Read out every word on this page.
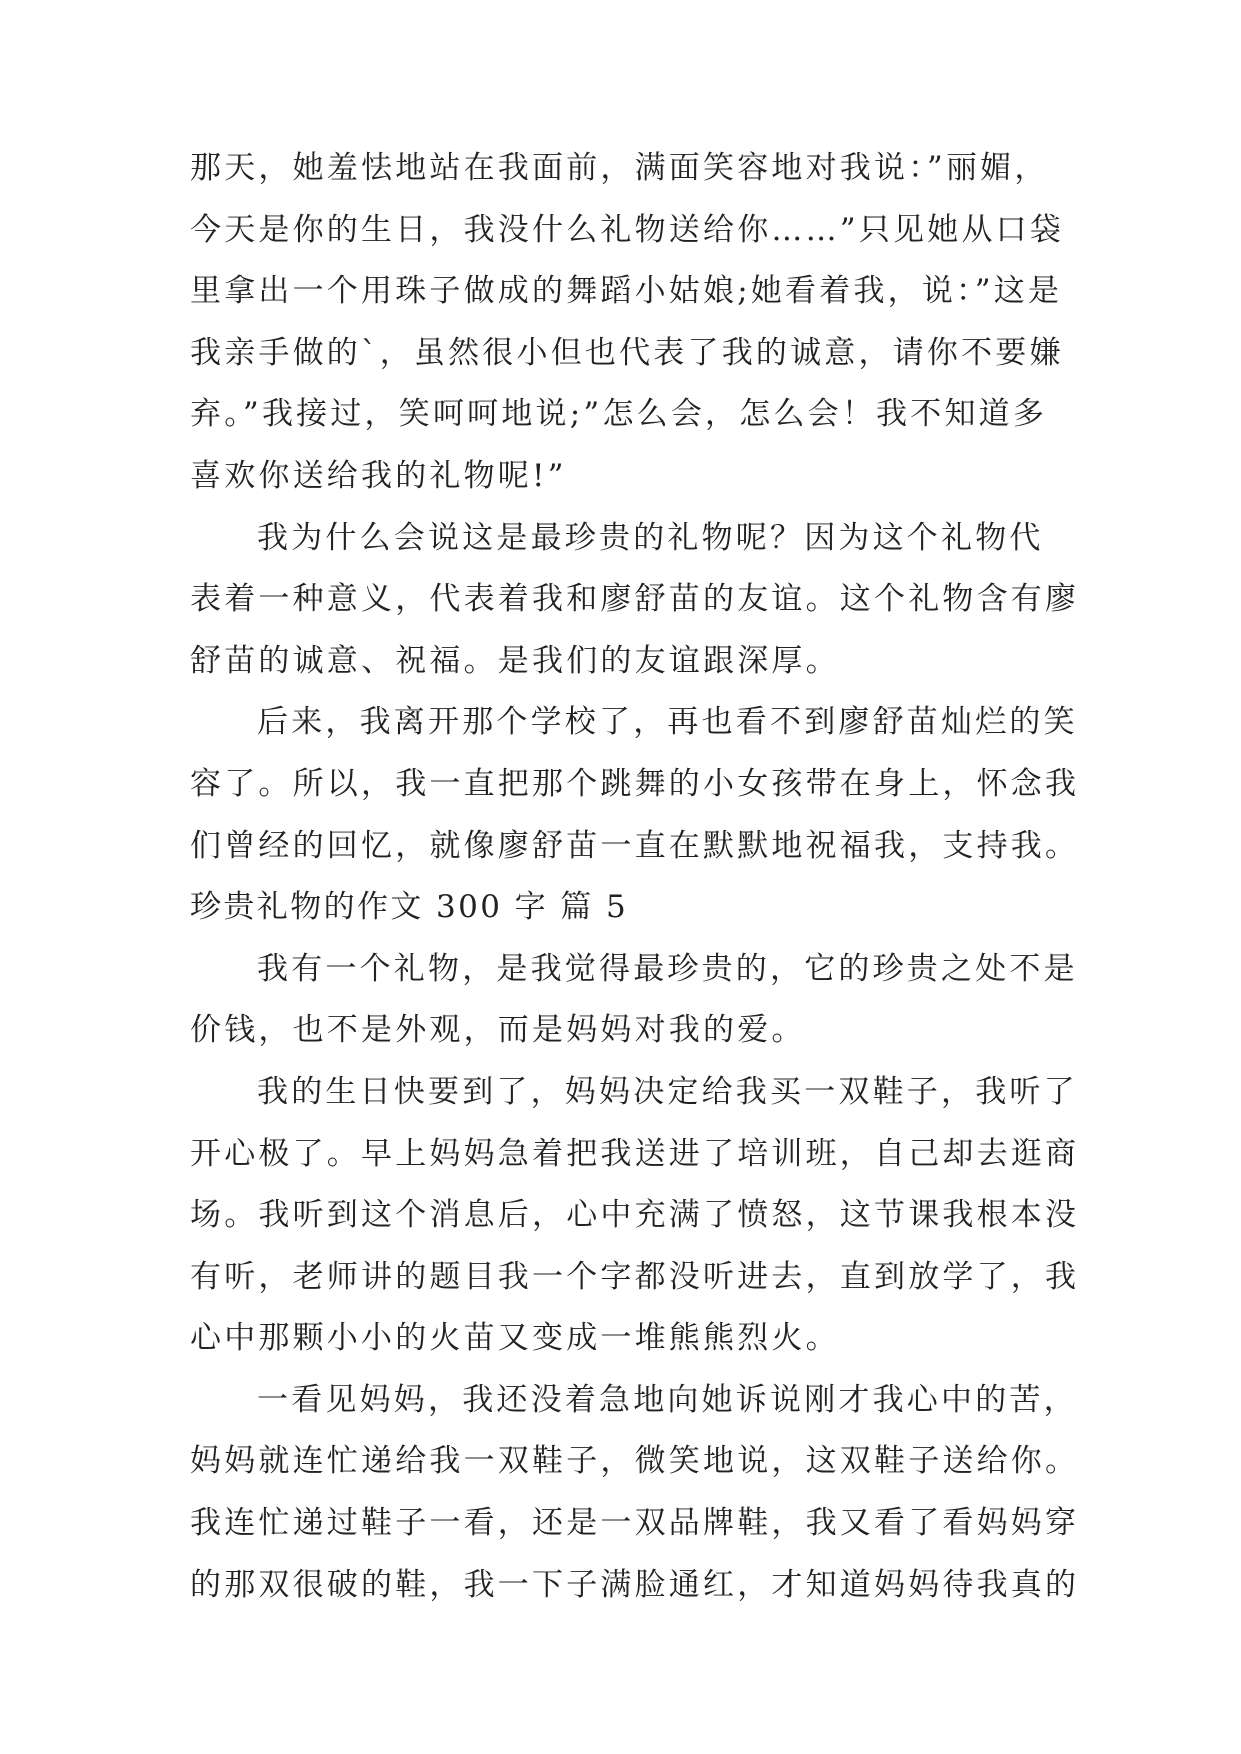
那天，她羞怯地站在我面前，满面笑容地对我说：”丽媚，
今天是你的生日，我没什么礼物送给你……”只见她从口袋
里拿出一个用珠子做成的舞蹈小姑娘;她看着我，说：”这是
我亲手做的`，虽然很小但也代表了我的诚意，请你不要嫌
弃。”我接过，笑呵呵地说;”怎么会，怎么会！我不知道多
喜欢你送给我的礼物呢!”
我为什么会说这是最珍贵的礼物呢？因为这个礼物代
表着一种意义，代表着我和廖舒苗的友谊。这个礼物含有廖
舒苗的诚意、祝福。是我们的友谊跟深厚。
后来，我离开那个学校了，再也看不到廖舒苗灿烂的笑
容了。所以，我一直把那个跳舞的小女孩带在身上，怀念我
们曾经的回忆，就像廖舒苗一直在默默地祝福我，支持我。
珍贵礼物的作文 300 字 篇 5
我有一个礼物，是我觉得最珍贵的，它的珍贵之处不是
价钱，也不是外观，而是妈妈对我的爱。
我的生日快要到了，妈妈决定给我买一双鞋子，我听了
开心极了。早上妈妈急着把我送进了培训班，自己却去逛商
场。我听到这个消息后，心中充满了愤怒，这节课我根本没
有听，老师讲的题目我一个字都没听进去，直到放学了，我
心中那颗小小的火苗又变成一堆熊熊烈火。
一看见妈妈，我还没着急地向她诉说刚才我心中的苦，
妈妈就连忙递给我一双鞋子，微笑地说，这双鞋子送给你。
我连忙递过鞋子一看，还是一双品牌鞋，我又看了看妈妈穿
的那双很破的鞋，我一下子满脸通红，才知道妈妈待我真的
